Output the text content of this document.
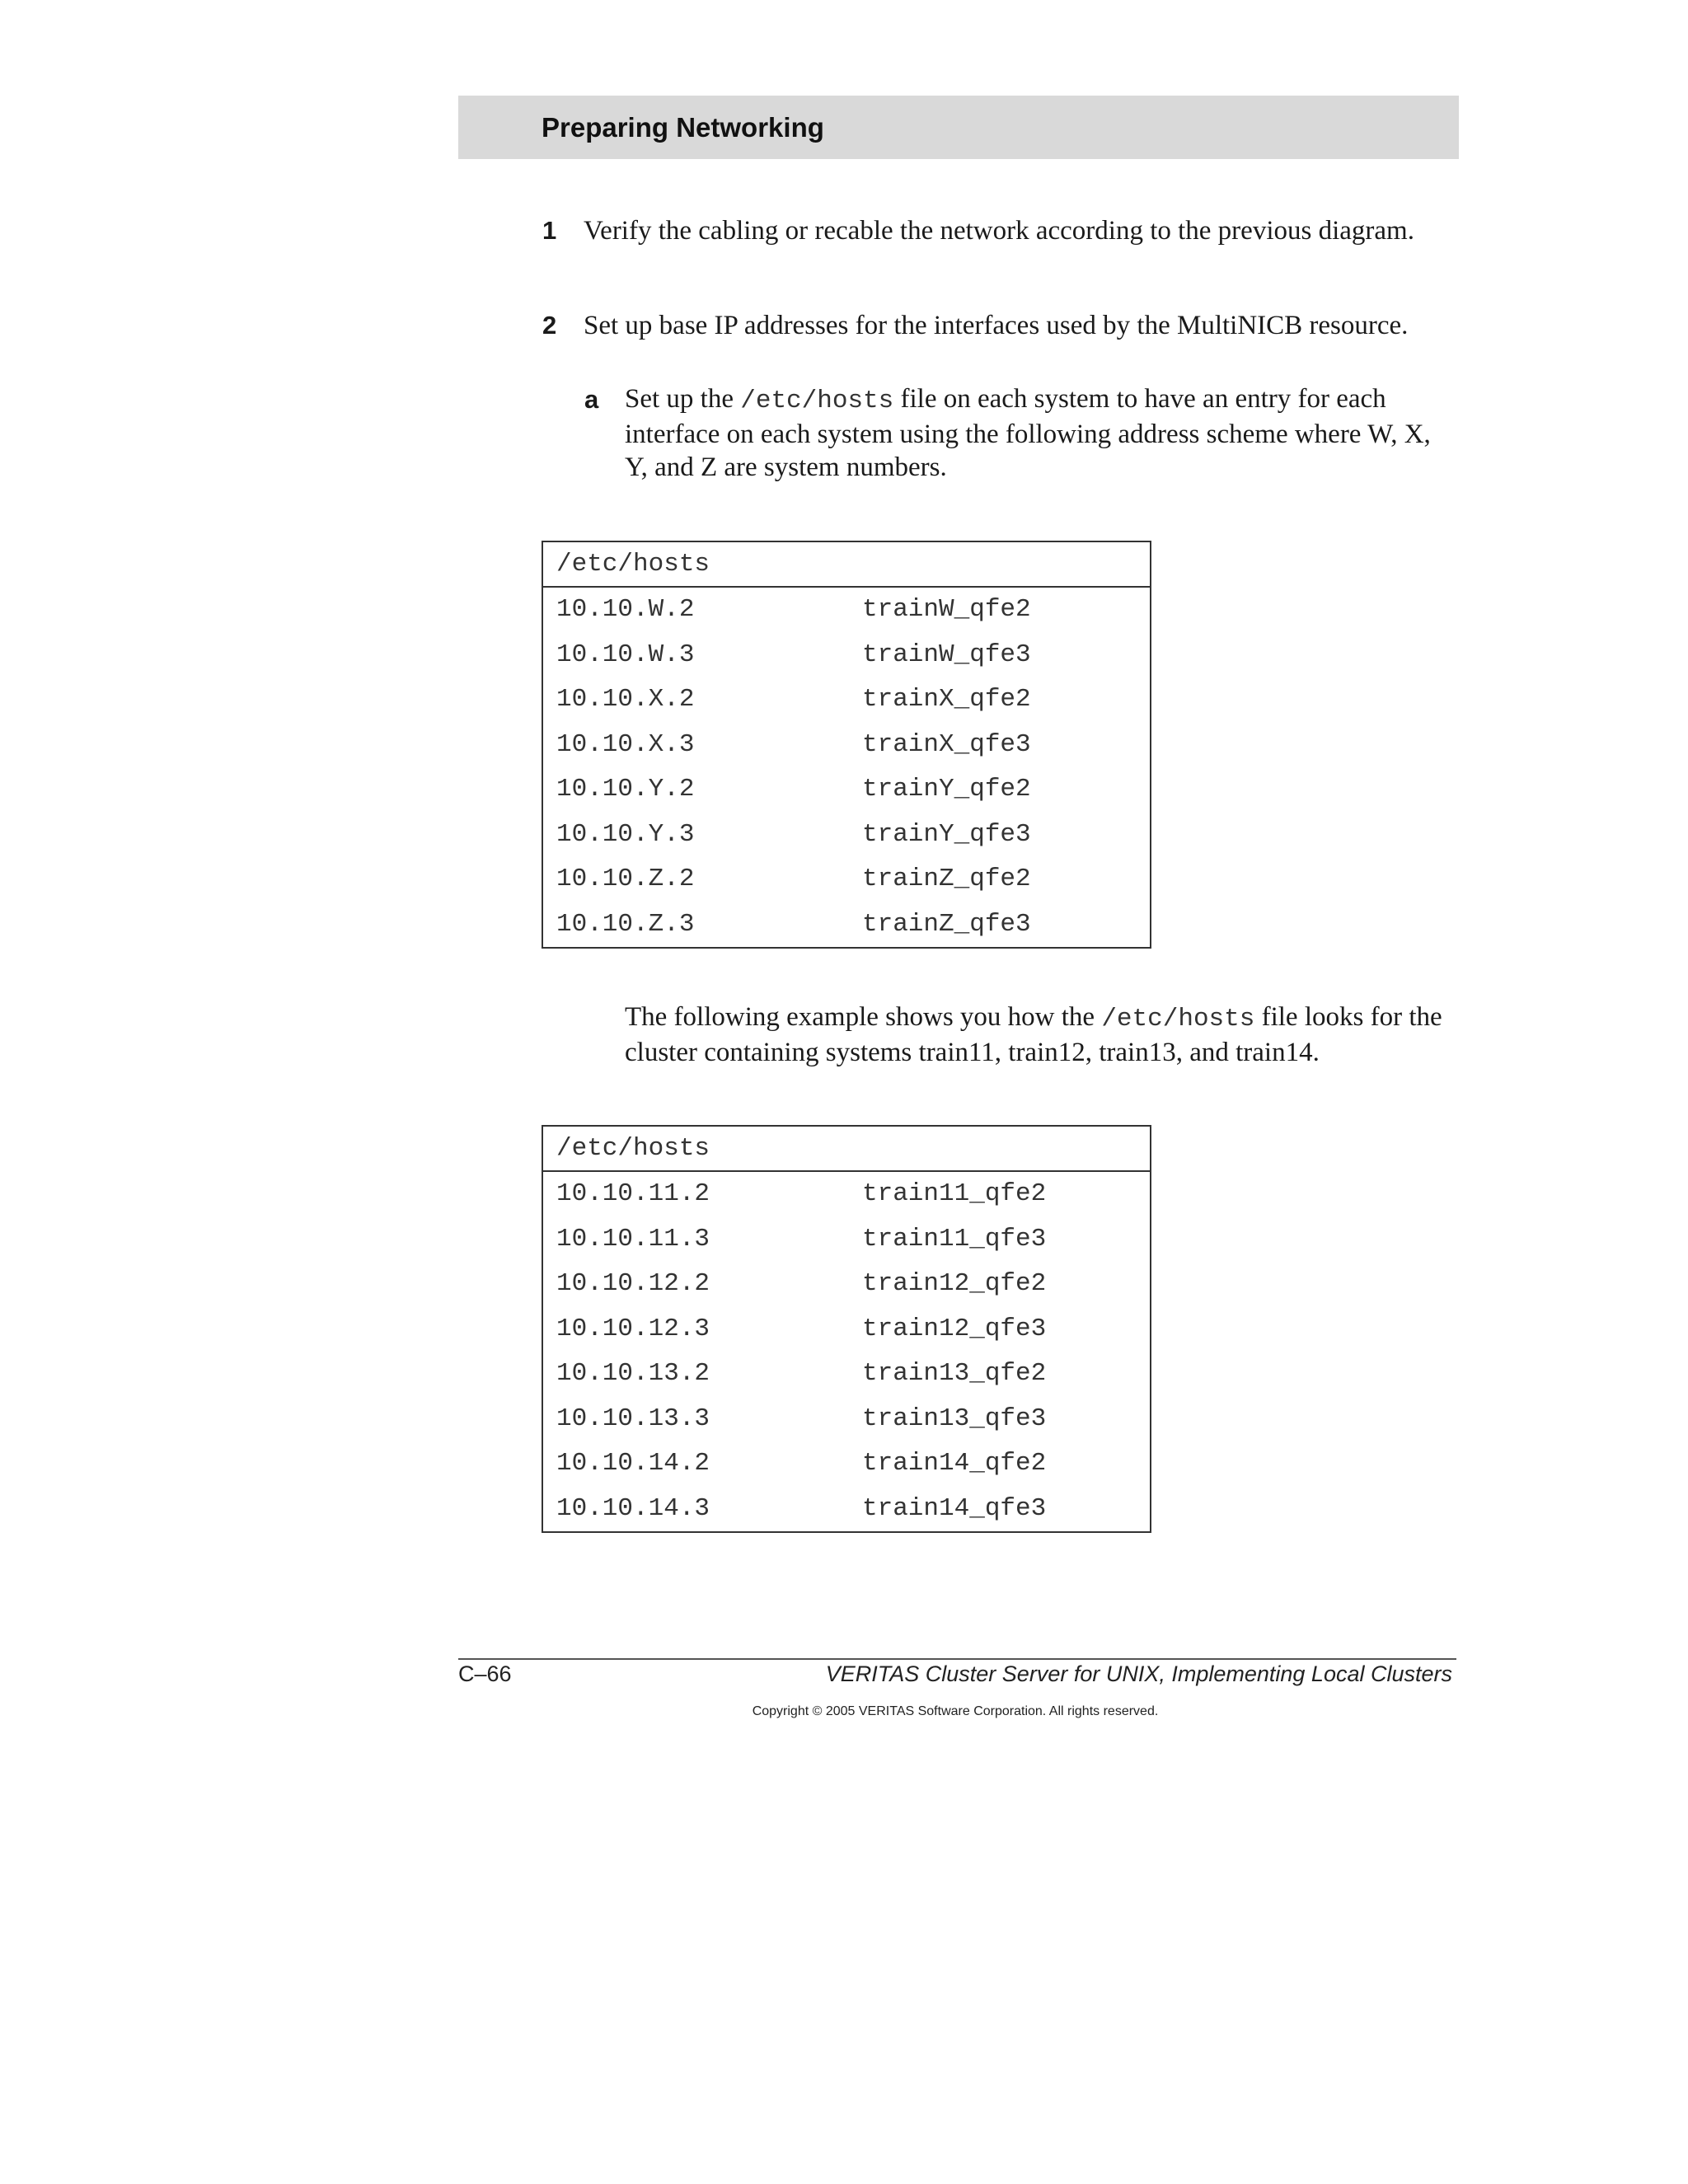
Preparing Networking
1 Verify the cabling or recable the network according to the previous diagram.
2 Set up base IP addresses for the interfaces used by the MultiNICB resource.
a Set up the /etc/hosts file on each system to have an entry for each interface on each system using the following address scheme where W, X, Y, and Z are system numbers.
/etc/hosts
10.10.W.2	trainW_qfe2
10.10.W.3	trainW_qfe3
10.10.X.2	trainX_qfe2
10.10.X.3	trainX_qfe3
10.10.Y.2	trainY_qfe2
10.10.Y.3	trainY_qfe3
10.10.Z.2	trainZ_qfe2
10.10.Z.3	trainZ_qfe3
The following example shows you how the /etc/hosts file looks for the cluster containing systems train11, train12, train13, and train14.
/etc/hosts
10.10.11.2	train11_qfe2
10.10.11.3	train11_qfe3
10.10.12.2	train12_qfe2
10.10.12.3	train12_qfe3
10.10.13.2	train13_qfe2
10.10.13.3	train13_qfe3
10.10.14.2	train14_qfe2
10.10.14.3	train14_qfe3
C–66	VERITAS Cluster Server for UNIX, Implementing Local Clusters
Copyright © 2005 VERITAS Software Corporation. All rights reserved.
